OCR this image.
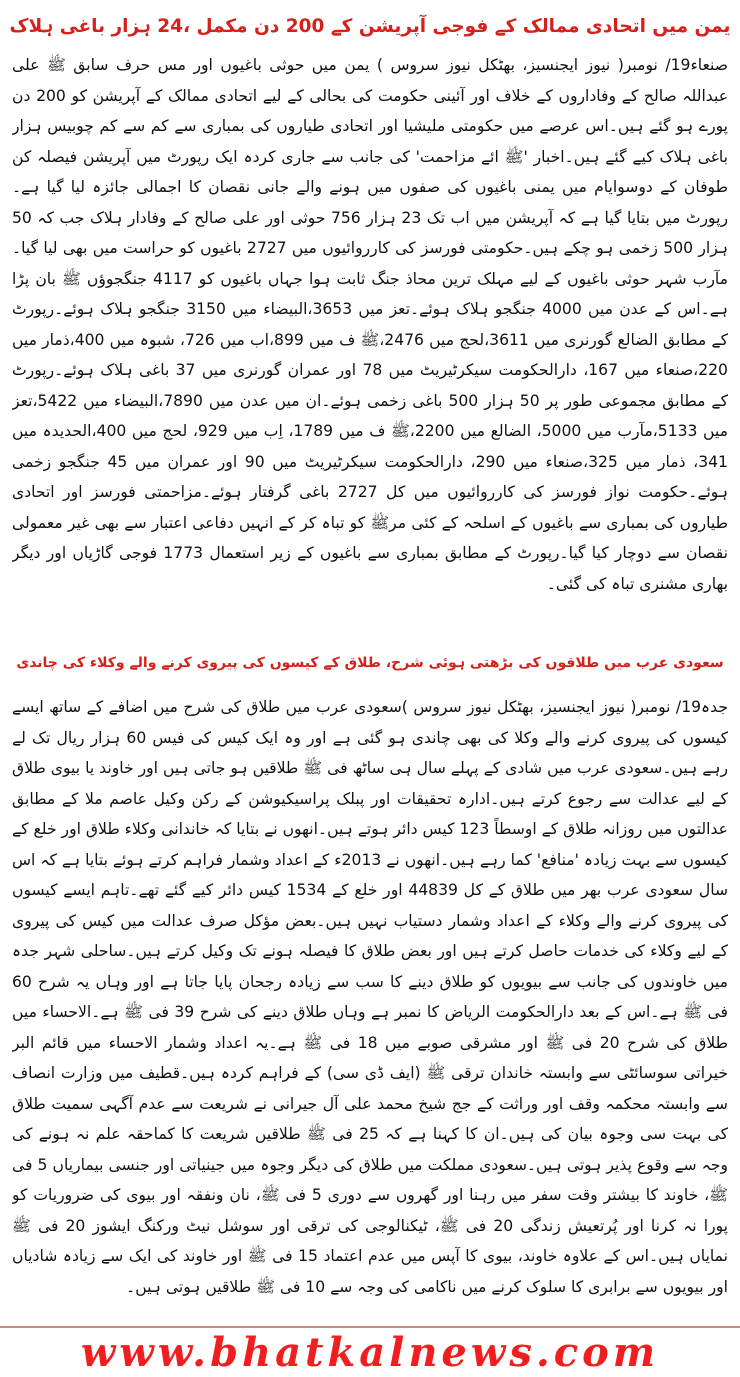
یمن میں اتحادی ممالک کے فوجی آپریشن کے 200 دن مکمل ،24 ہزار باغی ہلاک

صنعاء19/ نومبر( نیوز ایجنسیز، بھٹکل نیوز سروس ) یمن میں حوثی باغیوں اور مس حرف سابق ﷺ علی عبداللہ صالح کے وفاداروں کے خلاف اور آئینی حکومت کی بحالی کے لیے اتحادی ممالک کے آپریشن کو 200 دن پورے ہو گئے ہیں۔اس عرصے میں حکومتی ملیشیا اور اتحادی طیاروں کی بمباری سے کم سے کم چوبیس ہزار باغی ہلاک کیے گئے ہیں۔اخبار 'ﷺ ائے مزاحمت' کی جانب سے جاری کردہ ایک رپورٹ میں آپریشن فیصلہ کن طوفان کے دوسوایام میں یمنی باغیوں کی صفوں میں ہونے والے جانی نقصان کا اجمالی جائزہ لیا گیا ہے۔ رپورٹ میں بتایا گیا ہے کہ آپریشن میں اب تک 23 ہزار 756 حوثی اور علی صالح کے وفادار ہلاک جب کہ 50 ہزار 500 زخمی ہو چکے ہیں۔حکومتی فورسز کی کارروائیوں میں 2727 باغیوں کو حراست میں بھی لیا گیا۔مآرب شہر حوثی باغیوں کے لیے مہلک ترین محاذ جنگ ثابت ہوا جہاں باغیوں کو 4117 جنگجوؤں ﷺ بان پڑا ہے۔اس کے عدن میں 4000 جنگجو ہلاک ہوئے۔تعز میں 3653،البیضاء میں 3150 جنگجو ہلاک ہوئے۔رپورٹ کے مطابق الضالع گورنری میں 3611،لحج میں 2476،ﷺ ف میں 899،اب میں 726، شبوہ میں 400،ذمار میں 220،صنعاء میں 167، دارالحکومت سیکرٹیریٹ میں 78 اور عمران گورنری میں 37 باغی ہلاک ہوئے۔رپورٹ کے مطابق مجموعی طور پر 50 ہزار 500 باغی زخمی ہوئے۔ان میں عدن میں 7890،البیضاء میں 5422،تعز میں 5133،مآرب میں 5000، الضالع میں 2200،ﷺ ف میں 1789، اِب میں 929، لحج میں 400،الحدیدہ میں 341، ذمار میں 325،صنعاء میں 290، دارالحکومت سیکرٹیریٹ میں 90 اور عمران میں 45 جنگجو زخمی ہوئے۔حکومت نواز فورسز کی کارروائیوں میں کل 2727 باغی گرفتار ہوئے۔مزاحمتی فورسز اور اتحادی طیاروں کی بمباری سے باغیوں کے اسلحہ کے کئی مرﷺ کو تباہ کر کے انہیں دفاعی اعتبار سے بھی غیر معمولی نقصان سے دوچار کیا گیا۔رپورٹ کے مطابق بمباری سے باغیوں کے زیر استعمال 1773 فوجی گاڑیاں اور دیگر بھاری مشنری تباہ کی گئی۔

سعودی عرب میں طلاقوں کی بڑھتی ہوئی شرح، طلاق کے کیسوں کی پیروی کرنے والے وکلاء کی چاندی

جدہ19/ نومبر( نیوز ایجنسیز، بھٹکل نیوز سروس )سعودی عرب میں طلاق کی شرح میں اضافے کے ساتھ ایسے کیسوں کی پیروی کرنے والے وکلا کی بھی چاندی ہو گئی ہے اور وہ ایک کیس کی فیس 60 ہزار ریال تک لے رہے ہیں۔سعودی عرب میں شادی کے پہلے سال ہی ساٹھ فی ﷺ طلاقیں ہو جاتی ہیں اور خاوند یا بیوی طلاق کے لیے عدالت سے رجوع کرتے ہیں۔ادارہ تحقیقات اور پبلک پراسیکیوشن کے رکن وکیل عاصم ملا کے مطابق عدالتوں میں روزانہ طلاق کے اوسطاً 123 کیس دائر ہوتے ہیں۔انھوں نے بتایا کہ خاندانی وکلاء طلاق اور خلع کے کیسوں سے بہت زیادہ 'منافع' کما رہے ہیں۔انھوں نے 2013ء کے اعداد وشمار فراہم کرتے ہوئے بتایا ہے کہ اس سال سعودی عرب بھر میں طلاق کے کل 44839 اور خلع کے 1534 کیس دائر کیے گئے تھے۔تاہم ایسے کیسوں کی پیروی کرنے والے وکلاء کے اعداد وشمار دستیاب نہیں ہیں۔بعض مؤکل صرف عدالت میں کیس کی پیروی کے لیے وکلاء کی خدمات حاصل کرتے ہیں اور بعض طلاق کا فیصلہ ہونے تک وکیل کرتے ہیں۔ساحلی شہر جدہ میں خاوندوں کی جانب سے بیویوں کو طلاق دینے کا سب سے زیادہ رجحان پایا جاتا ہے اور وہاں یہ شرح 60 فی ﷺ ہے۔اس کے بعد دارالحکومت الریاض کا نمبر ہے وہاں طلاق دینے کی شرح 39 فی ﷺ ہے۔الاحساء میں طلاق کی شرح 20 فی ﷺ اور مشرقی صوبے میں 18 فی ﷺ ہے۔یہ اعداد وشمار الاحساء میں قائم البر خیراتی سوسائٹی سے وابستہ خاندان ترقی ﷺ (ایف ڈی سی) کے فراہم کردہ ہیں۔قطیف میں وزارت انصاف سے وابستہ محکمہ وقف اور وراثت کے جج شیخ محمد علی آل جیرانی نے شریعت سے عدم آگہی سمیت طلاق کی بہت سی وجوہ بیان کی ہیں۔ان کا کہنا ہے کہ 25 فی ﷺ طلاقیں شریعت کا کماحقہ علم نہ ہونے کی وجہ سے وقوع پذیر ہوتی ہیں۔سعودی مملکت میں طلاق کی دیگر وجوہ میں جینیاتی اور جنسی بیماریاں 5 فی ﷺ، خاوند کا بیشتر وقت سفر میں رہنا اور گھروں سے دوری 5 فی ﷺ، نان ونفقہ اور بیوی کی ضروریات کو پورا نہ کرنا اور پُرتعیش زندگی 20 فی ﷺ، ٹیکنالوجی کی ترقی اور سوشل نیٹ ورکنگ ایشوز 20 فی ﷺ نمایاں ہیں۔اس کے علاوہ خاوند، بیوی کا آپس میں عدم اعتماد 15 فی ﷺ اور خاوند کی ایک سے زیادہ شادیاں اور بیویوں سے برابری کا سلوک کرنے میں ناکامی کی وجہ سے 10 فی ﷺ طلاقیں ہوتی ہیں۔

www.bhatkalnews.com
